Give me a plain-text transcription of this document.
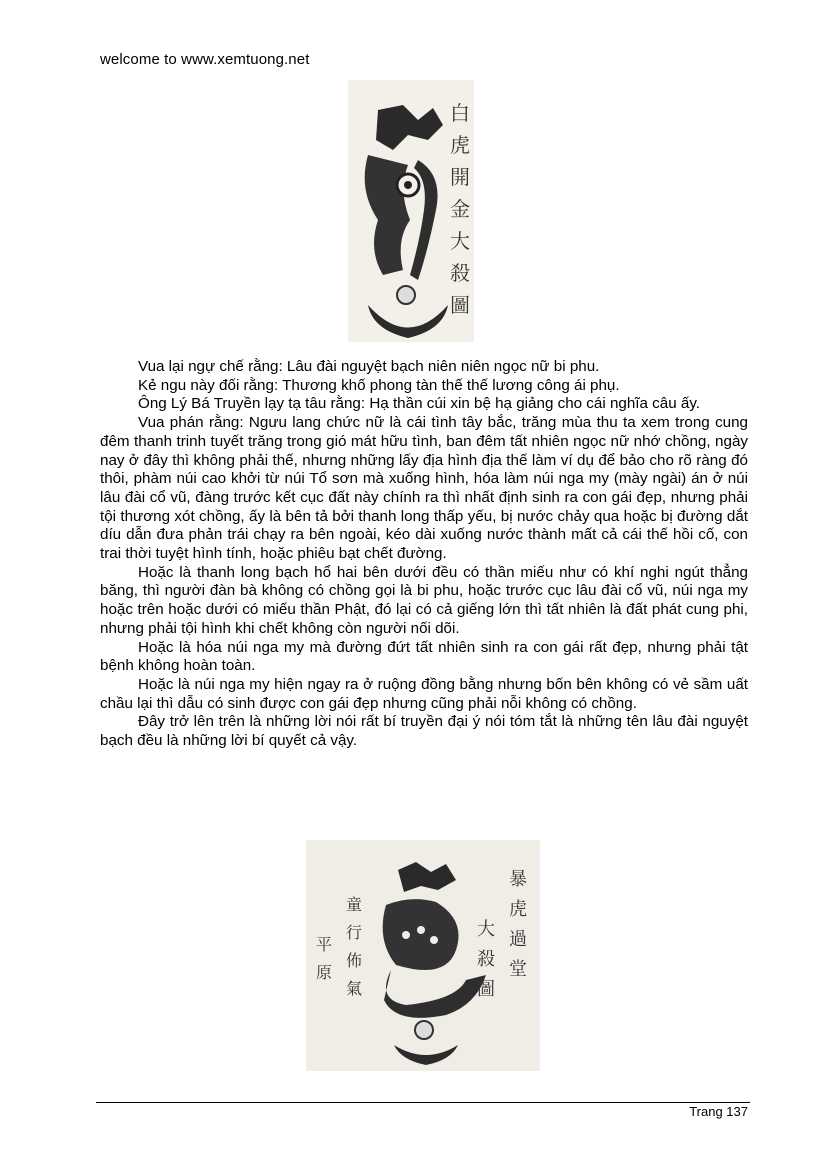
welcome to www.xemtuong.net
白
虎
開
金
大
殺
圖

Vua lại ngự chế rằng: Lâu đài nguyệt bạch niên niên ngọc nữ bi phu.

Kẻ ngu này đối rằng: Thương khố phong tàn thế thế lương công ái phụ.

Ông Lý Bá Truyền lạy tạ tâu rằng: Hạ thần cúi xin bệ hạ giảng cho cái nghĩa câu ấy.

Vua phán rằng: Ngưu lang chức nữ là cái tình tây bắc, trăng mùa thu ta xem trong cung đêm thanh trinh tuyết trăng trong gió mát hữu tình, ban đêm tất nhiên ngọc nữ nhớ chồng, ngày nay ở đây thì không phải thế, nhưng những lấy địa hình địa thế làm ví dụ để bảo cho rõ ràng đó thôi, phàm núi cao khởi từ núi Tổ sơn mà xuống hình, hóa làm núi nga my (mày ngài) án ở núi lâu đài cổ vũ, đàng trước kết cục đất này chính ra thì nhất định sinh ra con gái đẹp, nhưng phải tội thương xót chồng, ấy là bên tả bởi thanh long thấp yếu, bị nước chảy qua hoặc bị đường dắt díu dẫn đưa phản trái chạy ra bên ngoài, kéo dài xuống nước thành mất cả cái thế hồi cố, con trai thời tuyệt hình tính, hoặc phiêu bạt chết đường.

Hoặc là thanh long bạch hổ hai bên dưới đều có thần miếu như có khí nghi ngút thẳng băng, thì người đàn bà không có chồng gọi là bi phu, hoặc trước cục lâu đài cổ vũ, núi nga my hoặc trên hoặc dưới có miếu thần Phật, đó lại có cả giếng lớn thì tất nhiên là đất phát cung phi, nhưng phải tội hình khi chết không còn người nối dõi.

Hoặc là hóa núi nga my mà đường đứt tất nhiên sinh ra con gái rất đẹp, nhưng phải tật bệnh không hoàn toàn.

Hoặc là núi nga my hiện ngay ra ở ruộng đồng bằng nhưng bốn bên không có vẻ sầm uất chầu lại thì dẫu có sinh được con gái đẹp nhưng cũng phải nỗi không có chồng.

Đây trở lên trên là những lời nói rất bí truyền đại ý nói tóm tắt là những tên lâu đài nguyệt bạch đều là những lời bí quyết cả vậy.

暴
虎
過
堂
大
殺
圖
童
行
佈
氣
平
原
Trang 137
